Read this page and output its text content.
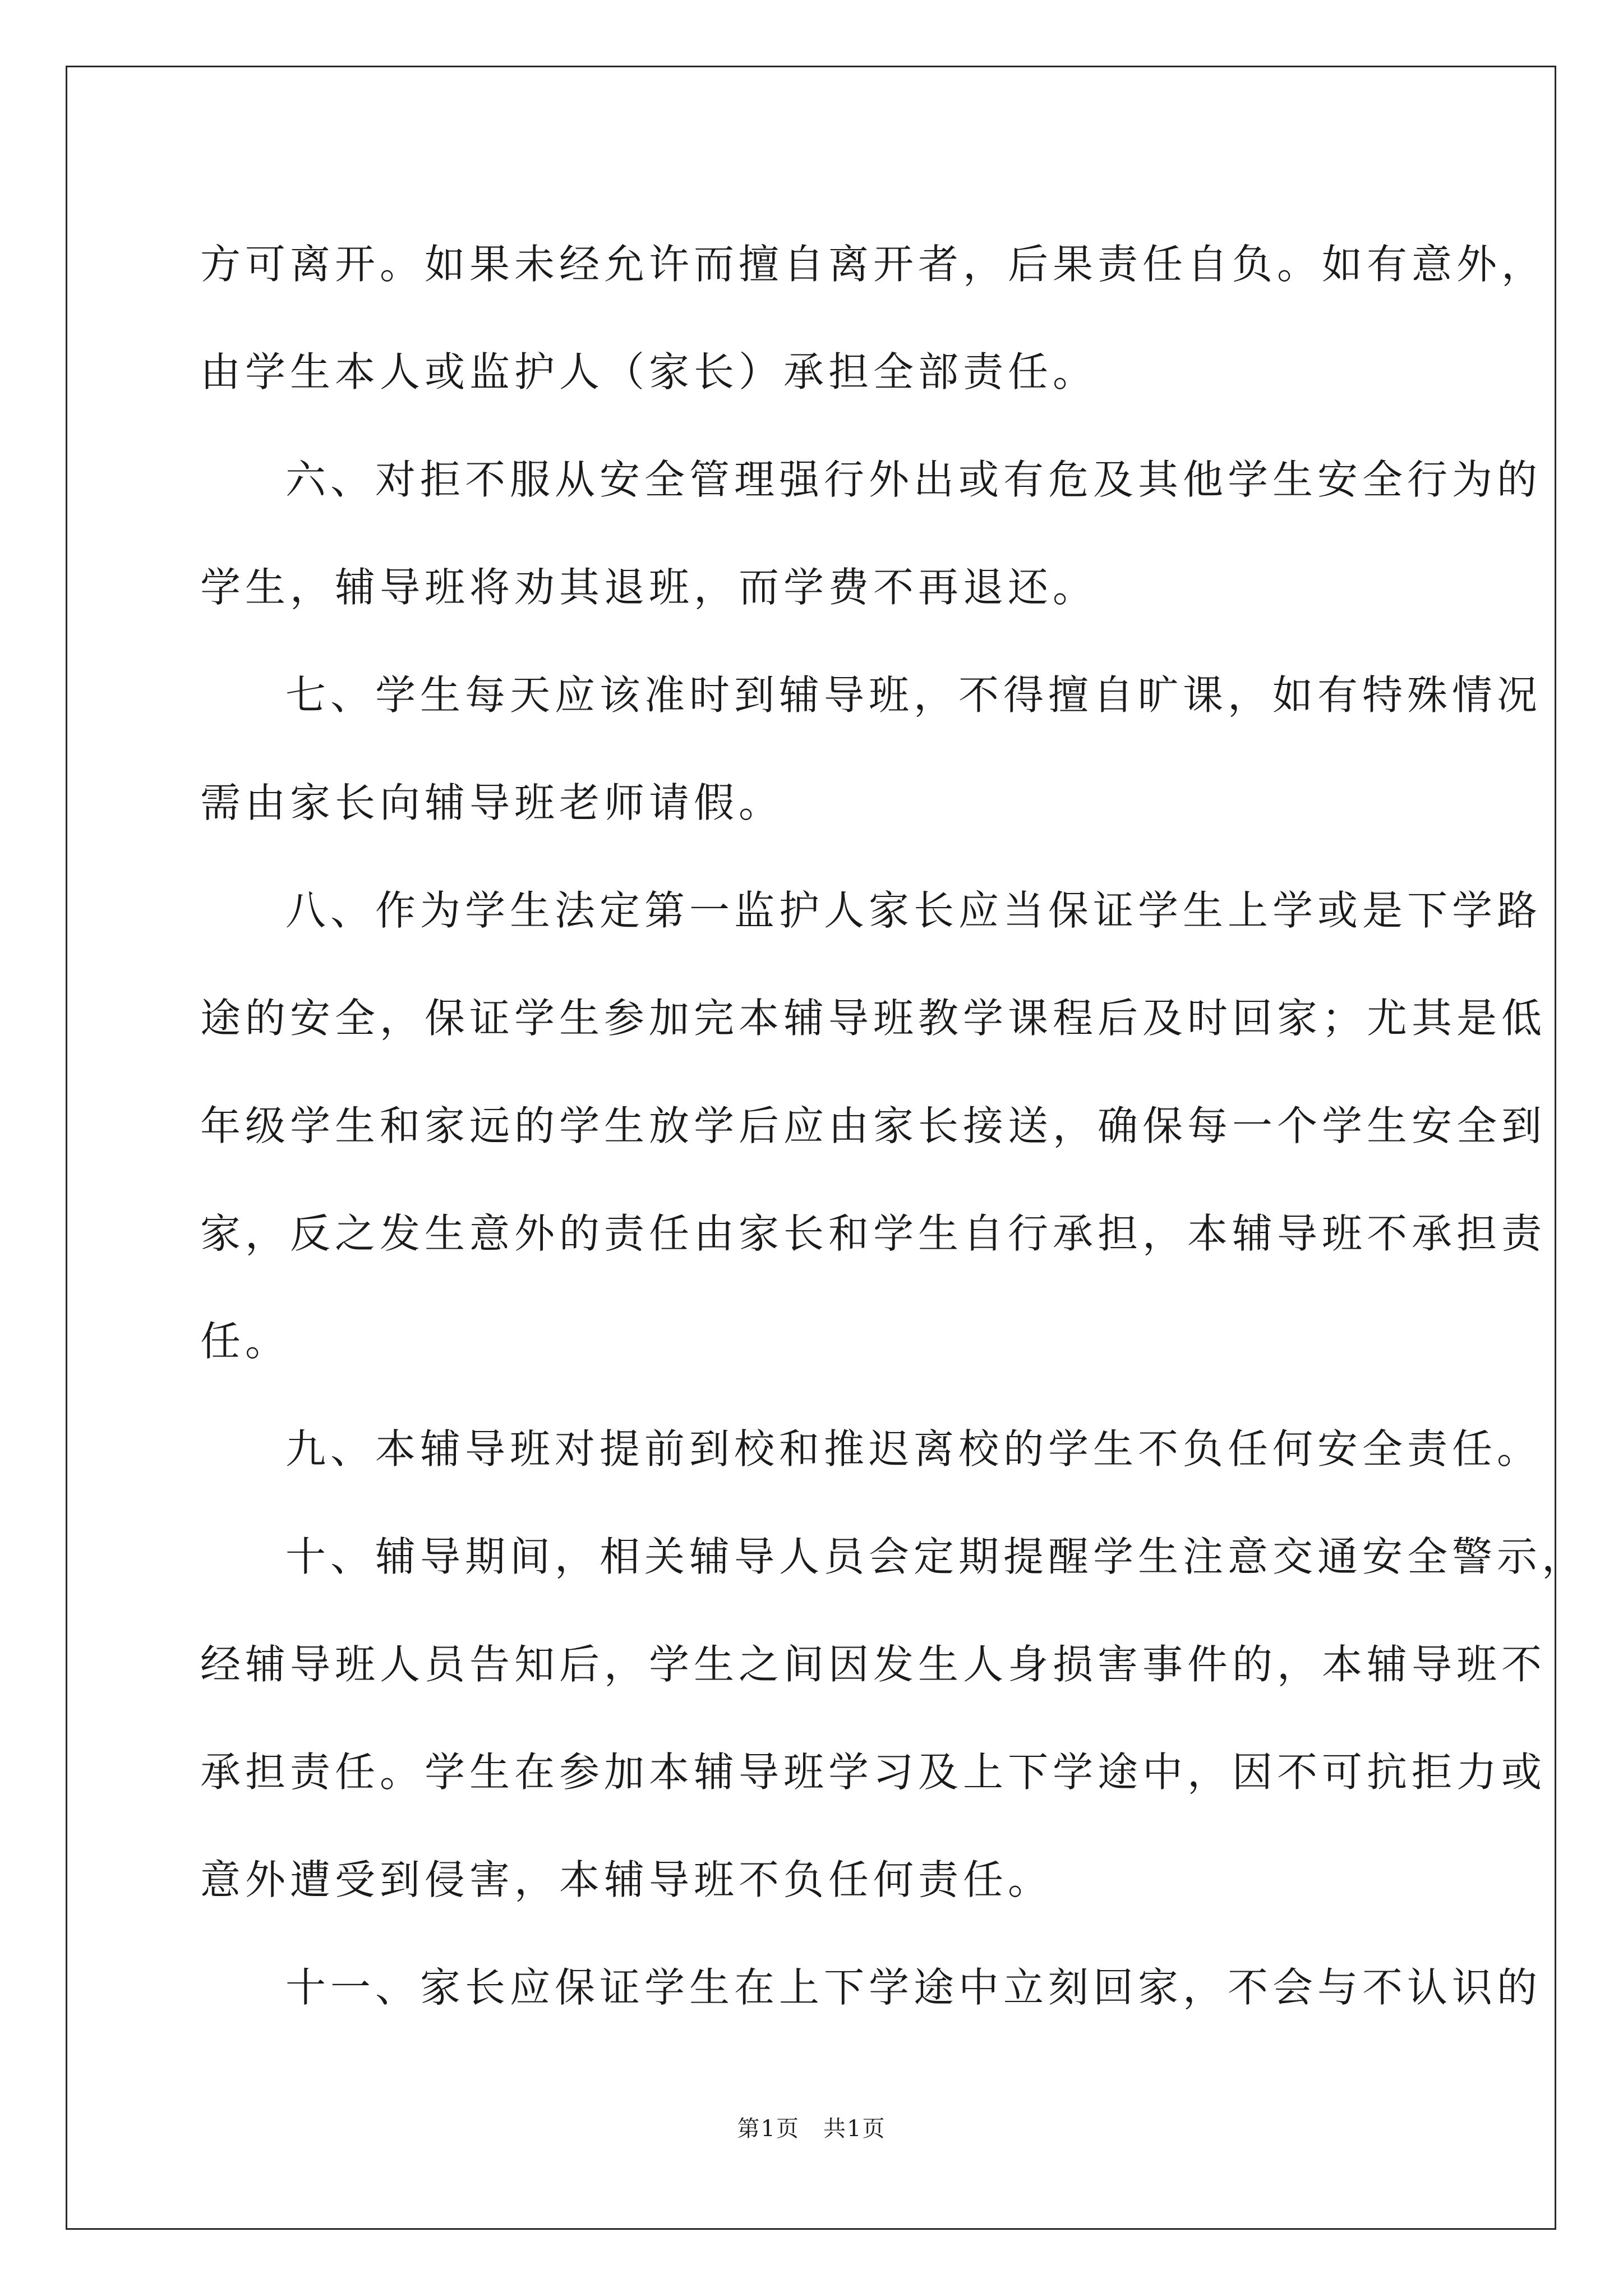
方可离开。如果未经允许而擅自离开者，后果责任自负。如有意外，
由学生本人或监护人（家长）承担全部责任。
六、对拒不服从安全管理强行外出或有危及其他学生安全行为的
学生，辅导班将劝其退班，而学费不再退还。
七、学生每天应该准时到辅导班，不得擅自旷课，如有特殊情况
需由家长向辅导班老师请假。
八、作为学生法定第一监护人家长应当保证学生上学或是下学路
途的安全，保证学生参加完本辅导班教学课程后及时回家；尤其是低
年级学生和家远的学生放学后应由家长接送，确保每一个学生安全到
家，反之发生意外的责任由家长和学生自行承担，本辅导班不承担责
任。
九、本辅导班对提前到校和推迟离校的学生不负任何安全责任。
十、辅导期间，相关辅导人员会定期提醒学生注意交通安全警示，
经辅导班人员告知后，学生之间因发生人身损害事件的，本辅导班不
承担责任。学生在参加本辅导班学习及上下学途中，因不可抗拒力或
意外遭受到侵害，本辅导班不负任何责任。
十一、家长应保证学生在上下学途中立刻回家，不会与不认识的
第1页　共1页
